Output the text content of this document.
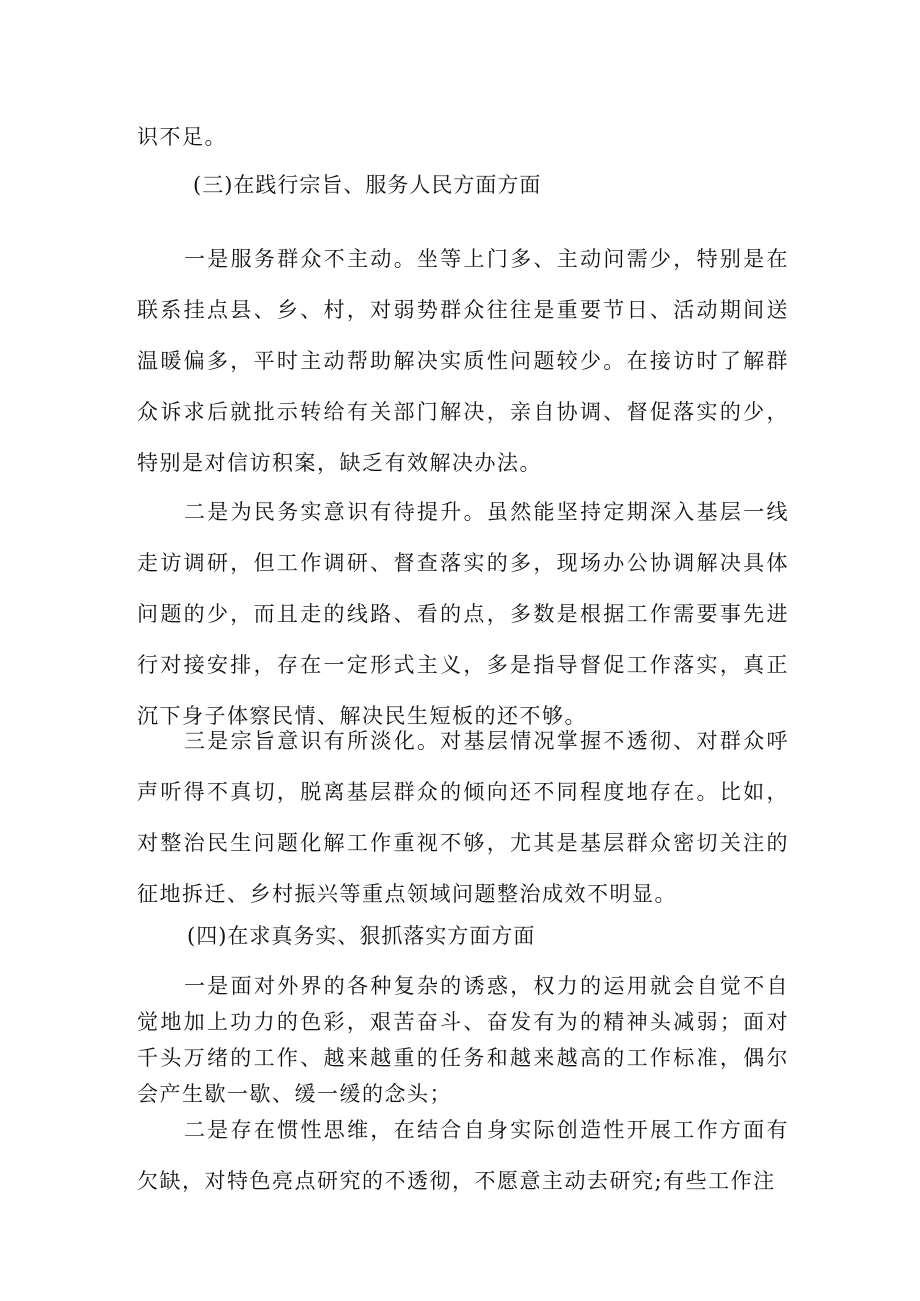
识不足。

(三)在践行宗旨、服务人民方面方面

一是服务群众不主动。坐等上门多、主动问需少，特别是在联系挂点县、乡、村，对弱势群众往往是重要节日、活动期间送温暖偏多，平时主动帮助解决实质性问题较少。在接访时了解群众诉求后就批示转给有关部门解决，亲自协调、督促落实的少，特别是对信访积案，缺乏有效解决办法。

二是为民务实意识有待提升。虽然能坚持定期深入基层一线走访调研，但工作调研、督查落实的多，现场办公协调解决具体问题的少，而且走的线路、看的点，多数是根据工作需要事先进行对接安排，存在一定形式主义，多是指导督促工作落实，真正沉下身子体察民情、解决民生短板的还不够。

三是宗旨意识有所淡化。对基层情况掌握不透彻、对群众呼声听得不真切，脱离基层群众的倾向还不同程度地存在。比如，对整治民生问题化解工作重视不够，尤其是基层群众密切关注的征地拆迁、乡村振兴等重点领域问题整治成效不明显。

(四)在求真务实、狠抓落实方面方面

一是面对外界的各种复杂的诱惑，权力的运用就会自觉不自觉地加上功力的色彩，艰苦奋斗、奋发有为的精神头减弱；面对千头万绪的工作、越来越重的任务和越来越高的工作标准，偶尔会产生歇一歇、缓一缓的念头；

二是存在惯性思维，在结合自身实际创造性开展工作方面有欠缺，对特色亮点研究的不透彻，不愿意主动去研究;有些工作注
